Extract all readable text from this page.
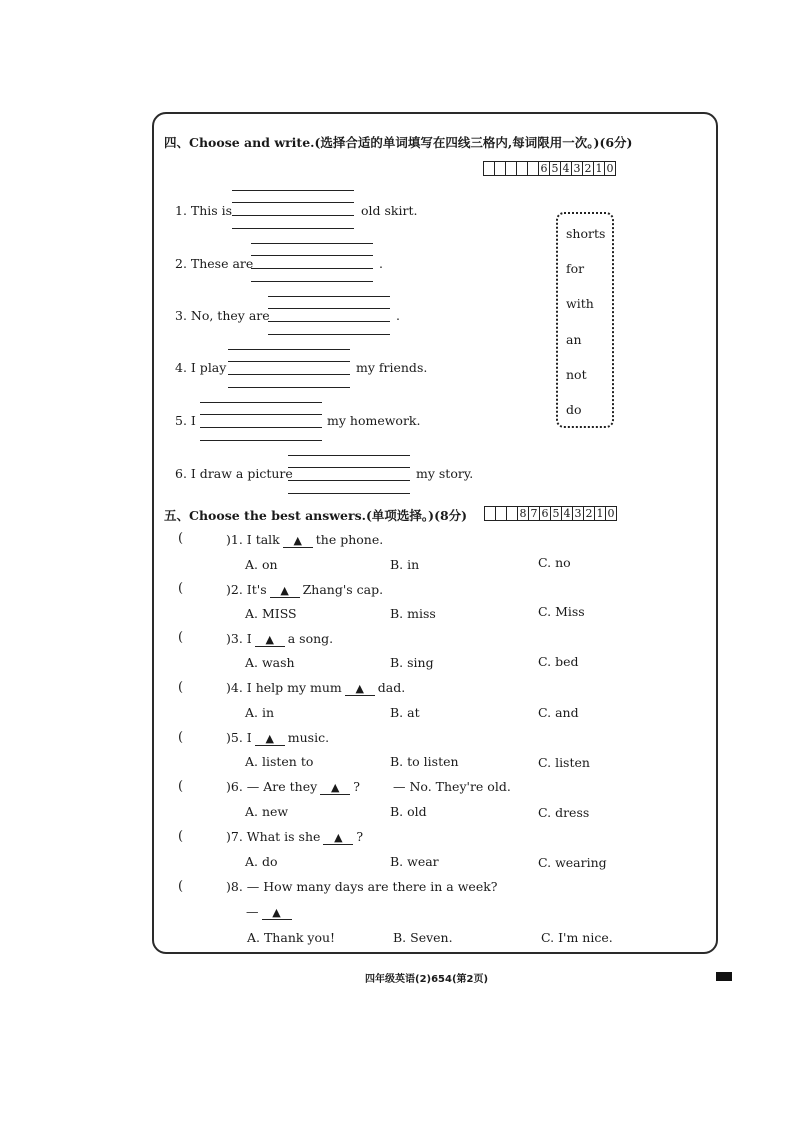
四、Choose and write.(选择合适的单词填写在四线三格内,每词限用一次。)(6分)
					6	5	4	3	2	1	0
1. This is	old skirt.
2. These are	.
3. No, they are	.
4. I play	my friends.
5. I	my homework.
6. I draw a picture	my story.
shorts
for
with
an
not
do
五、Choose the best answers.(单项选择。)(8分)
				8	7	6	5	4	3	2	1	0
(	)1. I talk ▲ the phone.
A. on	B. in	C. no
(	)2. It's ▲ Zhang's cap.
A. MISS	B. miss	C. Miss
(	)3. I ▲ a song.
A. wash	B. sing	C. bed
(	)4. I help my mum ▲ dad.
A. in	B. at	C. and
(	)5. I ▲ music.
A. listen to	B. to listen	C. listen
(	)6. — Are they ▲ ?	— No. They're old.
A. new	B. old	C. dress
(	)7. What is she ▲ ?
A. do	B. wear	C. wearing
(	)8. — How many days are there in a week?
— ▲
A. Thank you!	B. Seven.	C. I'm nice.
四年级英语(2)654(第2页)
